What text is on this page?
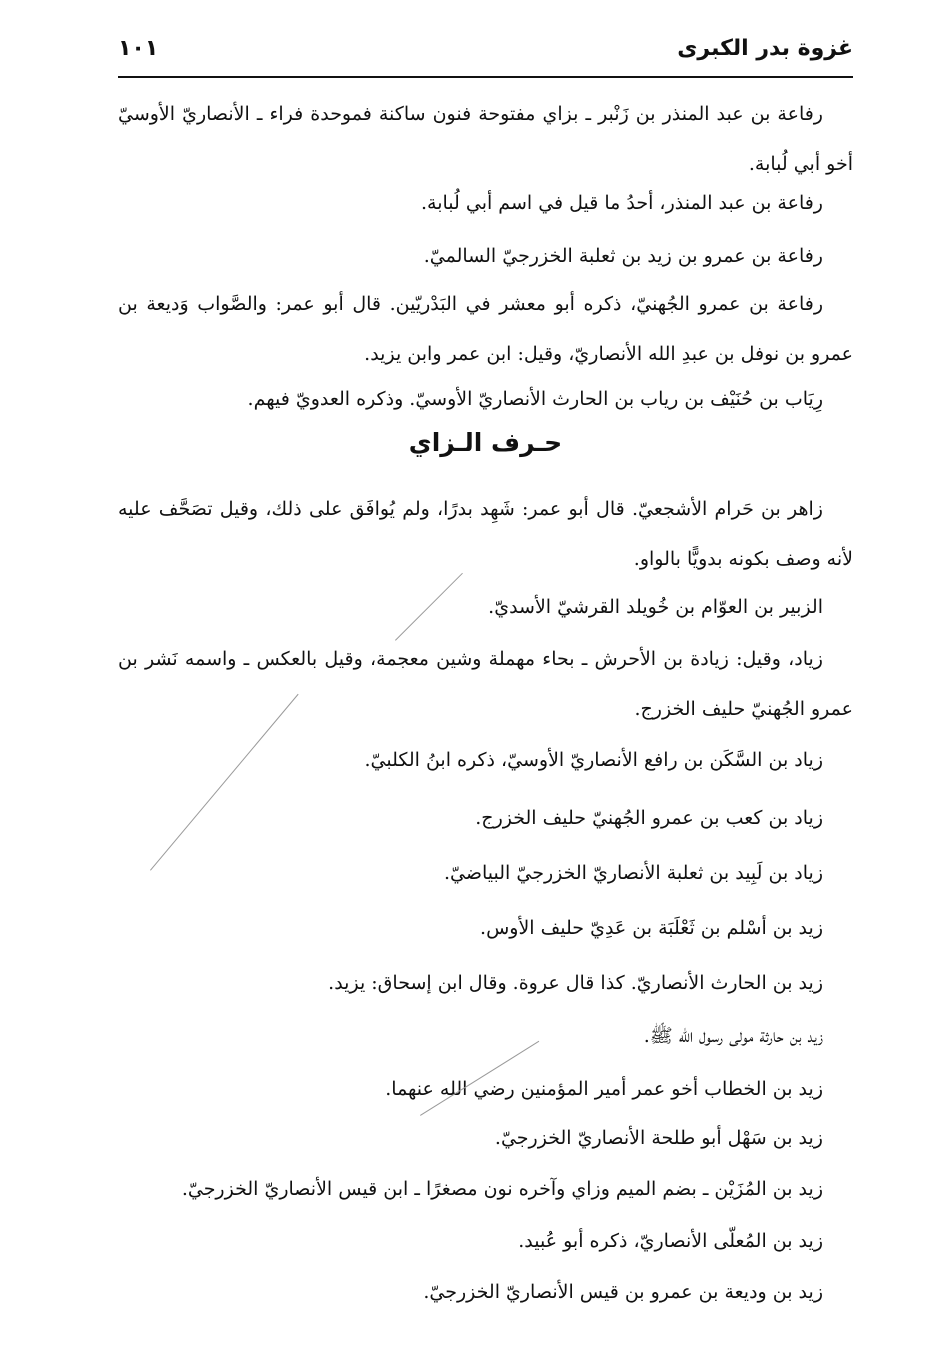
غزوة بدر الكبرى
١٠١

رفاعة بن عبد المنذر بن زَنْبر ـ بزاي مفتوحة فنون ساكنة فموحدة فراء ـ الأنصاريّ الأوسيّ أخو أبي لُبابة.

رفاعة بن عبد المنذر، أحدُ ما قيل في اسم أبي لُبابة.

رفاعة بن عمرو بن زيد بن ثعلبة الخزرجيّ السالميّ.

رفاعة بن عمرو الجُهنيّ، ذكره أبو معشر في البَدْريّين. قال أبو عمر: والصَّواب وَديعة بن عمرو بن نوفل بن عبدِ الله الأنصاريّ، وقيل: ابن عمر وابن يزيد.

رِيَاب بن حُنَيْف بن رياب بن الحارث الأنصاريّ الأوسيّ. وذكره العدويّ فيهم.

حـرف الـزاي

زاهر بن حَرام الأشجعيّ. قال أبو عمر: شَهِد بدرًا، ولم يُوافَق على ذلك، وقيل تصَحَّف عليه لأنه وصف بكونه بدويًّا بالواو.

الزبير بن العوّام بن خُويلد القرشيّ الأسديّ.

زياد، وقيل: زيادة بن الأحرش ـ بحاء مهملة وشين معجمة، وقيل بالعكس ـ واسمه نَشر بن عمرو الجُهنيّ حليف الخزرج.

زياد بن السَّكَن بن رافع الأنصاريّ الأوسيّ، ذكره ابنُ الكلبيّ.

زياد بن كعب بن عمرو الجُهنيّ حليف الخزرج.

زياد بن لَبِيد بن ثعلبة الأنصاريّ الخزرجيّ البياضيّ.

زيد بن أسْلم بن ثَعْلَبَة بن عَدِيّ حليف الأوس.

زيد بن الحارث الأنصاريّ. كذا قال عروة. وقال ابن إسحاق: يزيد.

زيد بن حارثة مولى رسول الله ﷺ.

زيد بن الخطاب أخو عمر أمير المؤمنين رضي الله عنهما.

زيد بن سَهْل أبو طلحة الأنصاريّ الخزرجيّ.

زيد بن المُزَيْن ـ بضم الميم وزاي وآخره نون مصغرًا ـ ابن قيس الأنصاريّ الخزرجيّ.

زيد بن المُعلّى الأنصاريّ، ذكره أبو عُبيد.

زيد بن وديعة بن عمرو بن قيس الأنصاريّ الخزرجيّ.
